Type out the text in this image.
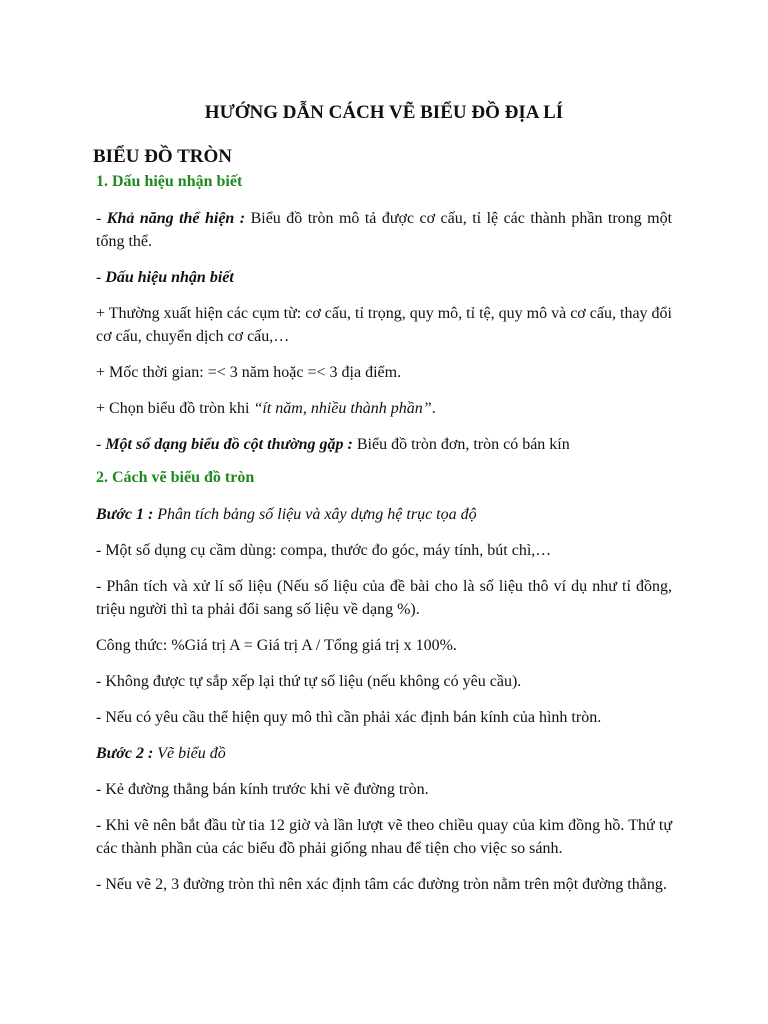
HƯỚNG DẪN CÁCH VẼ BIỂU ĐỒ ĐỊA LÍ
BIỂU ĐỒ TRÒN
1. Dấu hiệu nhận biết

- Khả năng thể hiện : Biểu đồ tròn mô tả được cơ cấu, tỉ lệ các thành phần trong một tổng thể.

- Dấu hiệu nhận biết

+ Thường xuất hiện các cụm từ: cơ cấu, tỉ trọng, quy mô, tỉ tệ, quy mô và cơ cấu, thay đổi cơ cấu, chuyển dịch cơ cấu,…

+ Mốc thời gian: =< 3 năm hoặc =< 3 địa điểm.

+ Chọn biểu đồ tròn khi “ít năm, nhiều thành phần”.

- Một số dạng biểu đồ cột thường gặp : Biểu đồ tròn đơn, tròn có bán kín

2. Cách vẽ biểu đồ tròn

Bước 1 : Phân tích bảng số liệu và xây dựng hệ trục tọa độ

- Một số dụng cụ cầm dùng: compa, thước đo góc, máy tính, bút chì,…

- Phân tích và xử lí số liệu (Nếu số liệu của đề bài cho là số liệu thô ví dụ như tỉ đồng, triệu người thì ta phải đổi sang số liệu về dạng %).

Công thức: %Giá trị A = Giá trị A / Tổng giá trị x 100%.

- Không được tự sắp xếp lại thứ tự số liệu (nếu không có yêu cầu).

- Nếu có yêu cầu thể hiện quy mô thì cần phải xác định bán kính của hình tròn.

Bước 2 : Vẽ biểu đồ

- Kẻ đường thẳng bán kính trước khi vẽ đường tròn.

- Khi vẽ nên bắt đầu từ tia 12 giờ và lần lượt vẽ theo chiều quay của kim đồng hồ. Thứ tự các thành phần của các biểu đồ phải giống nhau để tiện cho việc so sánh.

- Nếu vẽ 2, 3 đường tròn thì nên xác định tâm các đường tròn nằm trên một đường thẳng.
